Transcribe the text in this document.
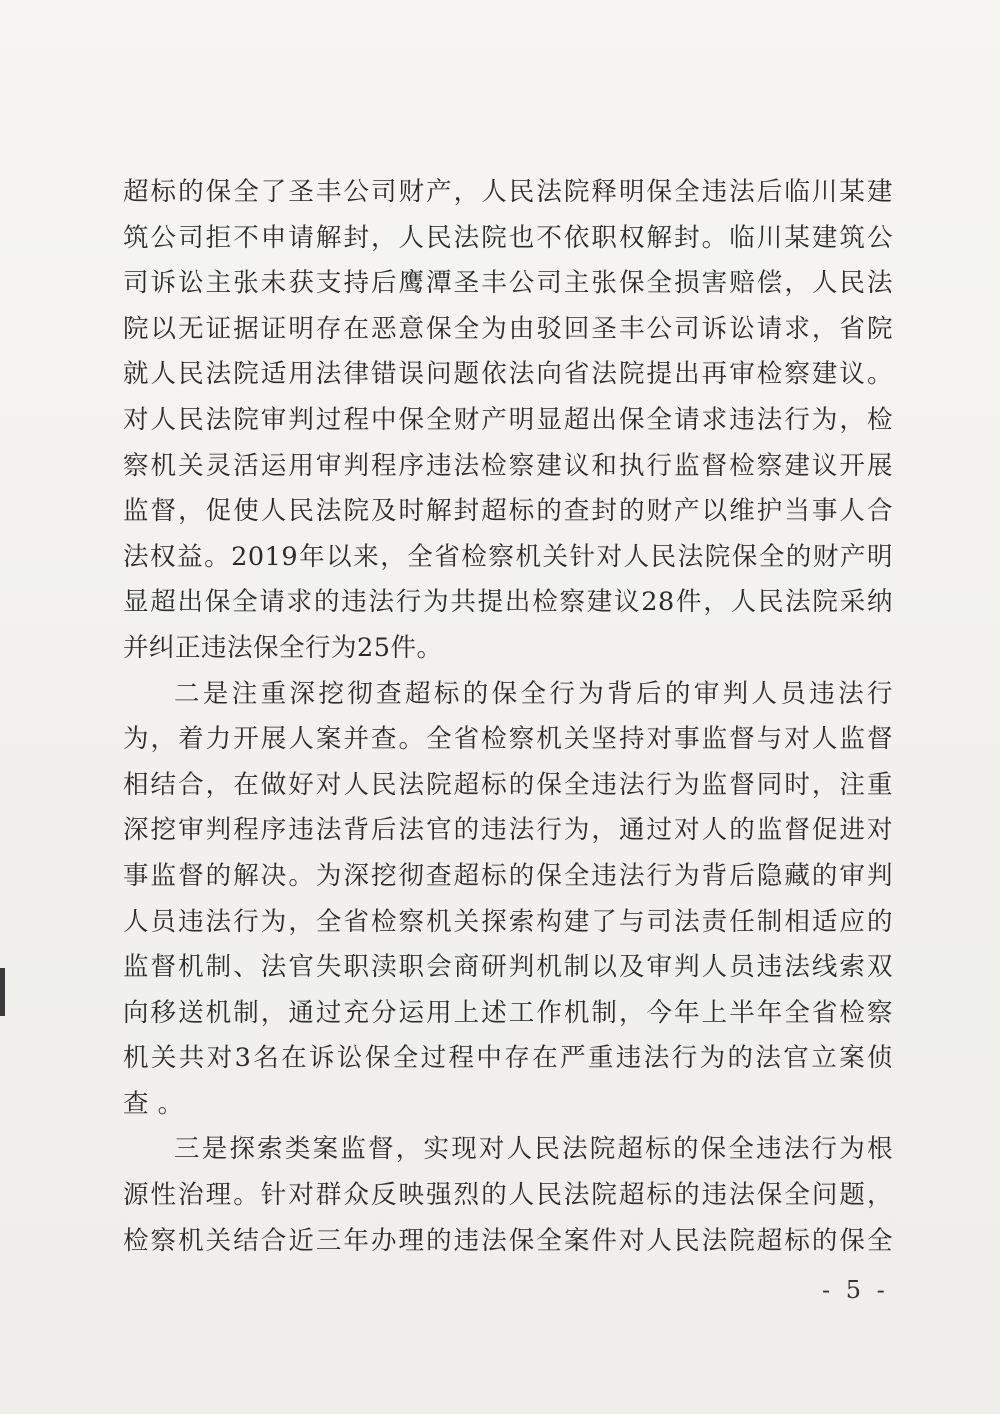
超标的保全了圣丰公司财产，人民法院释明保全违法后临川某建
筑公司拒不申请解封，人民法院也不依职权解封。临川某建筑公
司诉讼主张未获支持后鹰潭圣丰公司主张保全损害赔偿，人民法
院以无证据证明存在恶意保全为由驳回圣丰公司诉讼请求，省院
就人民法院适用法律错误问题依法向省法院提出再审检察建议。
对人民法院审判过程中保全财产明显超出保全请求违法行为，检
察机关灵活运用审判程序违法检察建议和执行监督检察建议开展
监督，促使人民法院及时解封超标的查封的财产以维护当事人合
法权益。2019年以来，全省检察机关针对人民法院保全的财产明
显超出保全请求的违法行为共提出检察建议28件，人民法院采纳
并纠正违法保全行为25件。
二是注重深挖彻查超标的保全行为背后的审判人员违法行
为，着力开展人案并查。全省检察机关坚持对事监督与对人监督
相结合，在做好对人民法院超标的保全违法行为监督同时，注重
深挖审判程序违法背后法官的违法行为，通过对人的监督促进对
事监督的解决。为深挖彻查超标的保全违法行为背后隐藏的审判
人员违法行为，全省检察机关探索构建了与司法责任制相适应的
监督机制、法官失职渎职会商研判机制以及审判人员违法线索双
向移送机制，通过充分运用上述工作机制，今年上半年全省检察
机关共对3名在诉讼保全过程中存在严重违法行为的法官立案侦
查 。
三是探索类案监督，实现对人民法院超标的保全违法行为根
源性治理。针对群众反映强烈的人民法院超标的违法保全问题，
检察机关结合近三年办理的违法保全案件对人民法院超标的保全
- 5 -
